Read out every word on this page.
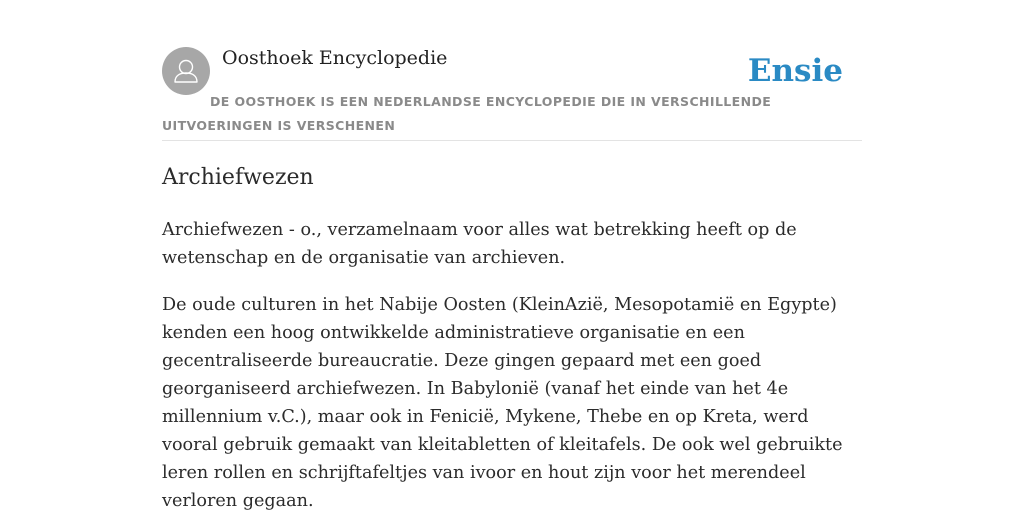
Oosthoek Encyclopedie	Ensie
DE OOSTHOEK IS EEN NEDERLANDSE ENCYCLOPEDIE DIE IN VERSCHILLENDE UITVOERINGEN IS VERSCHENEN
Archiefwezen

Archiefwezen - o., verzamelnaam voor alles wat betrekking heeft op de wetenschap en de organisatie van archieven.

De oude culturen in het Nabije Oosten (KleinAzië, Mesopotamië en Egypte) kenden een hoog ontwikkelde administratieve organisatie en een gecentraliseerde bureaucratie. Deze gingen gepaard met een goed georganiseerd archiefwezen. In Babylonië (vanaf het einde van het 4e millennium v.C.), maar ook in Fenicië, Mykene, Thebe en op Kreta, werd vooral gebruik gemaakt van kleitabletten of kleitafels. De ook wel gebruikte leren rollen en schrijftafeltjes van ivoor en hout zijn voor het merendeel verloren gegaan.
